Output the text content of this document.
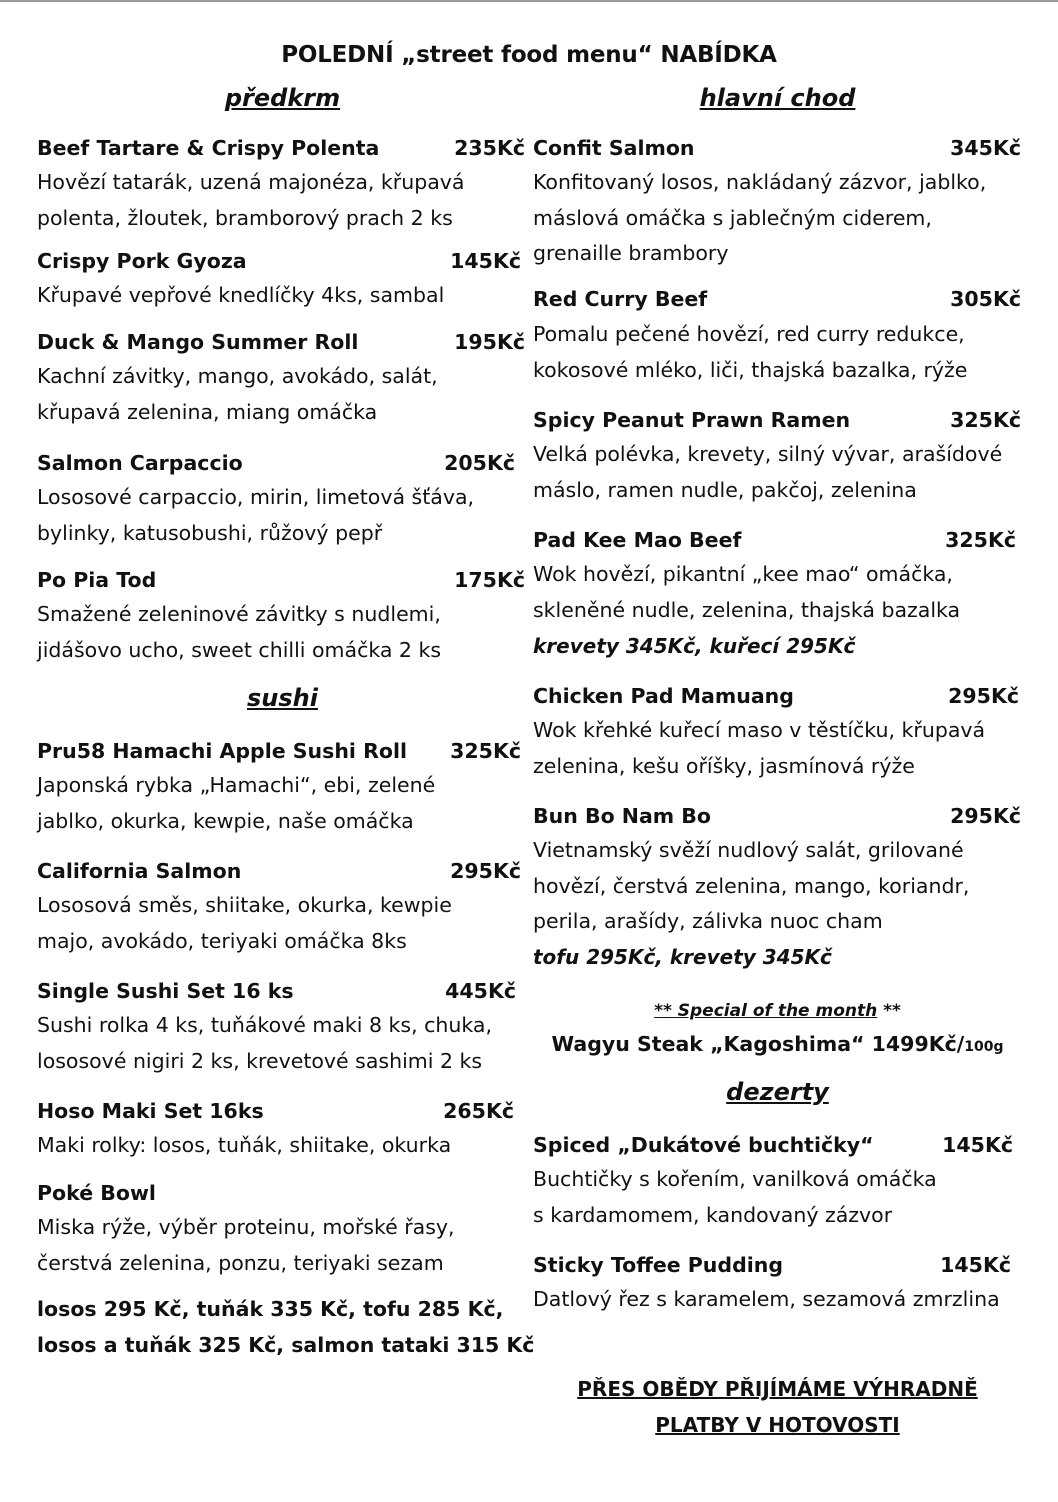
POLEDNÍ „street food menu“ NABÍDKA
předkrm
Beef Tartare & Crispy Polenta	235Kč
Hovězí tatarák, uzená majonéza, křupavá
polenta, žloutek, bramborový prach 2 ks
Crispy Pork Gyoza	145Kč
Křupavé vepřové knedlíčky 4ks, sambal
Duck & Mango Summer Roll	195Kč
Kachní závitky, mango, avokádo, salát,
křupavá zelenina, miang omáčka
Salmon Carpaccio	205Kč
Lososové carpaccio, mirin, limetová šťáva,
bylinky, katusobushi, růžový pepř
Po Pia Tod	175Kč
Smažené zeleninové závitky s nudlemi,
jidášovo ucho, sweet chilli omáčka 2 ks
sushi
Pru58 Hamachi Apple Sushi Roll 325Kč
Japonská rybka „Hamachi“, ebi, zelené
jablko, okurka, kewpie, naše omáčka
California Salmon	295Kč
Lososová směs, shiitake, okurka, kewpie
majo, avokádo, teriyaki omáčka 8ks
Single Sushi Set 16 ks	445Kč
Sushi rolka 4 ks, tuňákové maki 8 ks, chuka,
lososové nigiri 2 ks, krevetové sashimi 2 ks
Hoso Maki Set 16ks	265Kč
Maki rolky: losos, tuňák, shiitake, okurka
Poké Bowl
Miska rýže, výběr proteinu, mořské řasy,
čerstvá zelenina, ponzu, teriyaki sezam
losos 295 Kč, tuňák 335 Kč, tofu 285 Kč,
losos a tuňák 325 Kč, salmon tataki 315 Kč
hlavní chod
Confit Salmon	345Kč
Konfitovaný losos, nakládaný zázvor, jablko,
máslová omáčka s jablečným ciderem,
grenaille brambory
Red Curry Beef	305Kč
Pomalu pečené hovězí, red curry redukce,
kokosové mléko, liči, thajská bazalka, rýže
Spicy Peanut Prawn Ramen	325Kč
Velká polévka, krevety, silný vývar, arašídové
máslo, ramen nudle, pakčoj, zelenina
Pad Kee Mao Beef	325Kč
Wok hovězí, pikantní „kee mao“ omáčka,
skleněné nudle, zelenina, thajská bazalka
krevety 345Kč, kuřecí 295Kč
Chicken Pad Mamuang	295Kč
Wok křehké kuřecí maso v těstíčku, křupavá
zelenina, kešu oříšky, jasmínová rýže
Bun Bo Nam Bo	295Kč
Vietnamský svěží nudlový salát, grilované
hovězí, čerstvá zelenina, mango, koriandr,
perila, arašídy, zálivka nuoc cham
tofu 295Kč, krevety 345Kč
** Special of the month **
Wagyu Steak „Kagoshima“ 1499Kč/100g
dezerty
Spiced „Dukátové buchtičky“	145Kč
Buchtičky s kořením, vanilková omáčka
s kardamomem, kandovaný zázvor
Sticky Toffee Pudding	145Kč
Datlový řez s karamelem, sezamová zmrzlina
PŘES OBĚDY PŘIJÍMÁME VÝHRADNĚ
PLATBY V HOTOVOSTI
